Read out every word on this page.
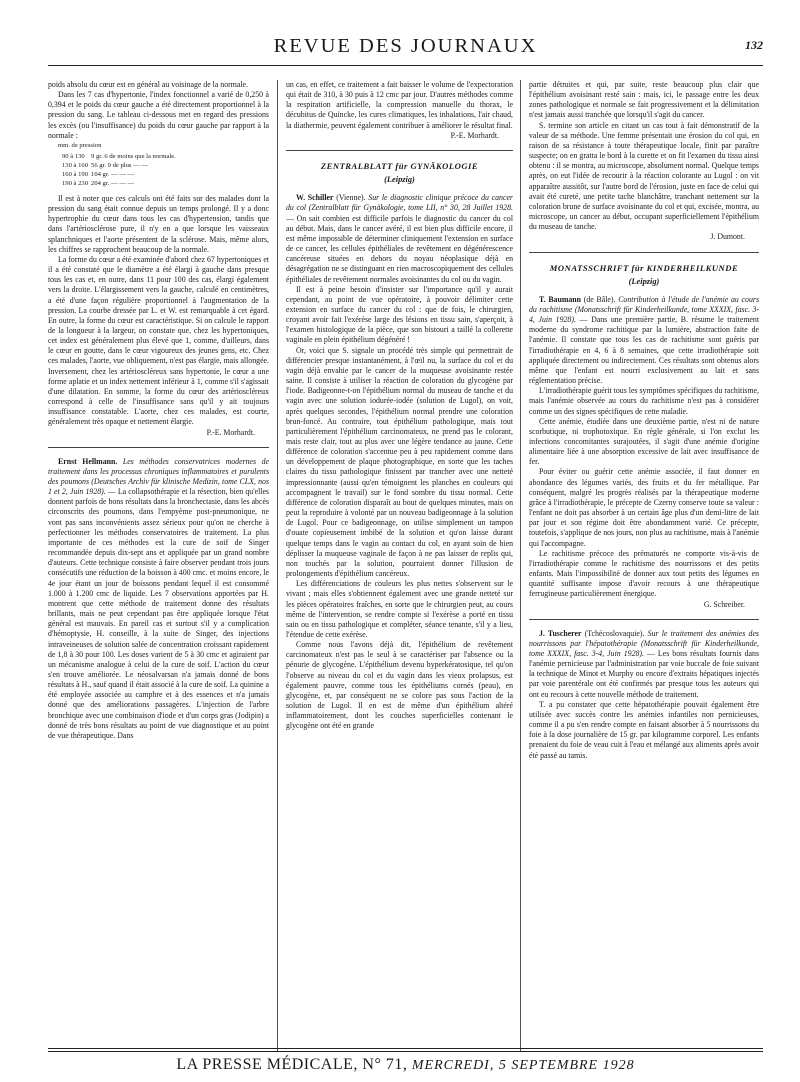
REVUE DES JOURNAUX	132

poids absolu du cœur est en général au voisinage de la normale.

Dans les 7 cas d'hypertonie, l'index fonctionnel a varié de 0,250 à 0,394 et le poids du cœur gauche a été directement proportionnel à la pression du sang. Le tableau ci-dessous met en regard des pressions les excès (ou l'insuffisance) du poids du cœur gauche par rapport à la normale :

mm. de pression
90 à 130	9 gr. 6 de moins que la normale.
130 à 160	56 gr. 9 de plus — —
160 à 190	104 gr. — — —
190 à 230	204 gr. — — —

Il est à noter que ces calculs ont été faits sur des malades dont la pression du sang était connue depuis un temps prolongé. Il y a donc hypertrophie du cœur dans tous les cas d'hypertension, tandis que dans l'artériosclérose pure, il n'y en a que lorsque les vaisseaux splanchniques et l'aorte présentent de la sclérose. Mais, même alors, les chiffres se rapprochent beaucoup de la normale.

La forme du cœur a été examinée d'abord chez 67 hypertoniques et il a été constaté que le diamètre a été élargi à gauche dans presque tous les cas et, en outre, dans 11 pour 100 des cas, élargi également vers la droite. L'élargissement vers la gauche, calculé en centimètres, a été d'une façon régulière proportionnel à l'augmentation de la pression. La courbe dressée par L. et W. est remarquable à cet égard. En outre, la forme du cœur est caractéristique. Si on calcule le rapport de la longueur à la largeur, on constate que, chez les hypertoniques, cet index est généralement plus élevé que 1, comme, d'ailleurs, dans le cœur en goutte, dans le cœur vigoureux des jeunes gens, etc. Chez ces malades, l'aorte, vue obliquement, n'est pas élargie, mais allongée. Inversement, chez les artérioscléreux sans hypertonie, le cœur a une forme aplatie et un index nettement inférieur à 1, comme s'il s'agissait d'une dilatation. En somme, la forme du cœur des artérioscléreux correspond à celle de l'insuffisance sans qu'il y ait toujours insuffisance constatable. L'aorte, chez ces malades, est courte, généralement très opaque et nettement élargie.

P.-E. Morhardt.

Ernst Hellmann. Les méthodes conservatrices modernes de traitement dans les processus chroniques inflammatoires et purulents des poumons (Deutsches Archiv für klinische Medizin, tome CLX, nos 1 et 2, Juin 1928). — La collapsothérapie et la résection, bien qu'elles donnent parfois de bons résultats dans la bronchectasie, dans les abcès circonscrits des poumons, dans l'empyème post-pneumonique, ne vont pas sans inconvénients assez sérieux pour qu'on ne cherche à perfectionner les méthodes conservatoires de traitement. La plus importante de ces méthodes est la cure de soif de Singer recommandée depuis dix-sept ans et appliquée par un grand nombre d'auteurs. Cette technique consiste à faire observer pendant trois jours consécutifs une réduction de la boisson à 400 cmc. et moins encore, le 4e jour étant un jour de boissons pendant lequel il est consommé 1.000 à 1.200 cmc de liquide. Les 7 observations apportées par H. montrent que cette méthode de traitement donne des résultats brillants, mais ne peut cependant pas être appliquée lorsque l'état général est mauvais. En pareil cas et surtout s'il y a complication d'hémoptysie, H. conseille, à la suite de Singer, des injections intraveineuses de solution salée de concentration croissant rapidement de 1,8 à 30 pour 100. Les doses varient de 5 à 30 cmc et agiraient par un mécanisme analogue à celui de la cure de soif. L'action du cœur s'en trouve améliorée. Le néosalvarsan n'a jamais donné de bons résultats à H., sauf quand il était associé à la cure de soif. La quinine a été employée associée au camphre et à des essences et n'a jamais donné que des améliorations passagères. L'injection de l'arbre bronchique avec une combinaison d'iode et d'un corps gras (Jodipin) a donné de très bons résultats au point de vue diagnostique et au point de vue thérapeutique. Dans

un cas, en effet, ce traitement a fait baisser le volume de l'expectoration qui était de 310, à 30 puis à 12 cmc par jour. D'autres méthodes comme la respiration artificielle, la compression manuelle du thorax, le décubitus de Quincke, les cures climatiques, les inhalations, l'air chaud, la diathermie, peuvent également contribuer à améliorer le résultat final.

P.-E. Morhardt.

ZENTRALBLATT für GYNÄKOLOGIE
(Leipzig)

W. Schiller (Vienne). Sur le diagnostic clinique précoce du cancer du col (Zentralblatt für Gynäkologie, tome LII, n° 30, 28 Juillet 1928. — On sait combien est difficile parfois le diagnostic du cancer du col au début. Mais, dans le cancer avéré, il est bien plus difficile encore, il est même impossible de déterminer cliniquement l'extension en surface de ce cancer, les cellules épithéliales de revêtement en dégénérescence cancéreuse situées en dehors du noyau néoplasique déjà en désagrégation ne se distinguant en rien macroscopiquement des cellules épithéliales de revêtement normales avoisinantes du col ou du vagin.

Il est à peine besoin d'insister sur l'importance qu'il y aurait cependant, au point de vue opératoire, à pouvoir délimiter cette extension en surface du cancer du col : que de fois, le chirurgien, croyant avoir fait l'exérèse large des lésions en tissu sain, s'aperçoit, à l'examen histologique de la pièce, que son bistouri a taillé la collerette vaginale en plein épithélium dégénéré !

Or, voici que S. signale un procédé très simple qui permettrait de différencier presque instantanément, à l'œil nu, la surface du col et du vagin déjà envahie par le cancer de la muqueuse avoisinante restée saine. Il consiste à utiliser la réaction de coloration du glycogène par l'iode. Badigeonne-t-on l'épithélium normal du museau de tanche et du vagin avec une solution iodurée-iodée (solution de Lugol), on voit, après quelques secondes, l'épithélium normal prendre une coloration brun-foncé. Au contraire, tout épithélium pathologique, mais tout particulièrement l'épithélium carcinomateux, ne prend pas le colorant, mais reste clair, tout au plus avec une légère tendance au jaune. Cette différence de coloration s'accentue peu à peu rapidement comme dans un développement de plaque photographique, en sorte que les taches claires du tissu pathologique finissent par trancher avec une netteté impressionnante (aussi qu'en témoignent les planches en couleurs qui accompagnent le travail) sur le fond sombre du tissu normal. Cette différence de coloration disparaît au bout de quelques minutes, mais on peut la reproduire à volonté par un nouveau badigeonnage à la solution de Lugol. Pour ce badigeonnage, on utilise simplement un tampon d'ouate copieusement imbibé de la solution et qu'on laisse durant quelque temps dans le vagin au contact du col, en ayant soin de bien déplisser la muqueuse vaginale de façon à ne pas laisser de replis qui, non touchés par la solution, pourraient donner l'illusion de prolongements d'épithélium cancéreux.

Les différenciations de couleurs les plus nettes s'observent sur le vivant ; mais elles s'obtiennent également avec une grande netteté sur les pièces opératoires fraîches, en sorte que le chirurgien peut, au cours même de l'intervention, se rendre compte si l'exérèse a porté en tissu sain ou en tissu pathologique et compléter, séance tenante, s'il y a lieu, l'étendue de cette exérèse.

Comme nous l'avons déjà dit, l'épithélium de revêtement carcinomateux n'est pas le seul à se caractériser par l'absence ou la pénurie de glycogène. L'épithélium devenu hyperkératosique, tel qu'on l'observe au niveau du col et du vagin dans les vieux prolapsus, est également pauvre, comme tous les épithéliums cornés (peau), en glycogène, et, par conséquent ne se colore pas sous l'action de la solution de Lugol. Il en est de même d'un épithélium altéré inflammatoirement, dont les couches superficielles contenant le glycogène ont été en grande

partie détruites et qui, par suite, reste beaucoup plus clair que l'épithélium avoisinant resté sain : mais, ici, le passage entre les deux zones pathologique et normale se fait progressivement et la délimitation n'est jamais aussi tranchée que lorsqu'il s'agit du cancer.

S. termine son article en citant un cas tout à fait démonstratif de la valeur de sa méthode. Une femme présentait une érosion du col qui, en raison de sa résistance à toute thérapeutique locale, finit par paraître suspecte; on en gratta le bord à la curette et on fit l'examen du tissu ainsi obtenu : il se montra, au microscope, absolument normal. Quelque temps après, on eut l'idée de recourir à la réaction colorante au Lugol : on vit apparaître aussitôt, sur l'autre bord de l'érosion, juste en face de celui qui avait été cureté, une petite tache blanchâtre, tranchant nettement sur la coloration brune de surface avoisinante du col et qui, excisée, montra, au microscope, un cancer au début, occupant superficiellement l'épithélium du museau de tanche.

J. Dumont.

MONATSSCHRIFT für KINDERHEILKUNDE
(Leipzig)

T. Baumann (de Bâle). Contribution à l'étude de l'anémie au cours du rachitisme (Monatsschrift für Kinderheilkunde, tome XXXIX, fasc. 3-4, Juin 1928). — Dans une première partie, B. résume le traitement moderne du syndrome rachitique par la lumière, abstraction faite de l'anémie. Il constate que tous les cas de rachitisme sont guéris par l'irradiothérapie en 4, 6 à 8 semaines, que cette irradiothérapie soit appliquée directement ou indirectement. Ces résultats sont obtenus alors même que l'enfant est nourri exclusivement au lait et sans réglementation précise.

L'irradiothérapie guérit tous les symptômes spécifiques du rachitisme, mais l'anémie observée au cours du rachitisme n'est pas à considérer comme un des signes spécifiques de cette maladie.

Cette anémie, étudiée dans une deuxième partie, n'est ni de nature scorbutique, ni trophotoxique. En règle générale, si l'on exclut les infections concomitantes surajoutées, il s'agit d'une anémie d'origine alimentaire liée à une absorption excessive de lait avec insuffisance de fer.

Pour éviter ou guérir cette anémie associée, il faut donner en abondance des légumes variés, des fruits et du fer métallique. Par conséquent, malgré les progrès réalisés par la thérapeutique moderne grâce à l'irradiothérapie, le précepte de Czerny conserve toute sa valeur : l'enfant ne doit pas absorber à un certain âge plus d'un demi-litre de lait par jour et son régime doit être abondamment varié. Ce précepte, toutefois, s'applique de nos jours, non plus au rachitisme, mais à l'anémie qui l'accompagne.

Le rachitisme précoce des prématurés ne comporte vis-à-vis de l'irradiothérapie comme le rachitisme des nourrissons et des petits enfants. Mais l'impossibilité de donner aux tout petits des légumes en quantité suffisante impose d'avoir recours à une thérapeutique ferrugineuse particulièrement énergique.

G. Schreiber.

J. Tuscherer (Tchécoslovaquie). Sur le traitement des anémies des nourrissons par l'hépatothérapie (Monatsschrift für Kinderheilkunde, tome XXXIX, fasc. 3-4, Juin 1928). — Les bons résultats fournis dans l'anémie pernicieuse par l'administration par voie buccale de foie suivant la technique de Minot et Murphy ou encore d'extraits hépatiques injectés par voie parentérale ont été confirmés par presque tous les auteurs qui ont eu recours à cette nouvelle méthode de traitement.

T. a pu constater que cette hépatothérapie pouvait également être utilisée avec succès contre les anémies infantiles non pernicieuses, comme il a pu s'en rendre compte en faisant absorber à 5 nourrissons du foie à la dose journalière de 15 gr. par kilogramme corporel. Les enfants prenaient du foie de veau cuit à l'eau et mélangé aux aliments après avoir été passé au tamis.

LA PRESSE MÉDICALE, N° 71, MERCREDI, 5 SEPTEMBRE 1928
